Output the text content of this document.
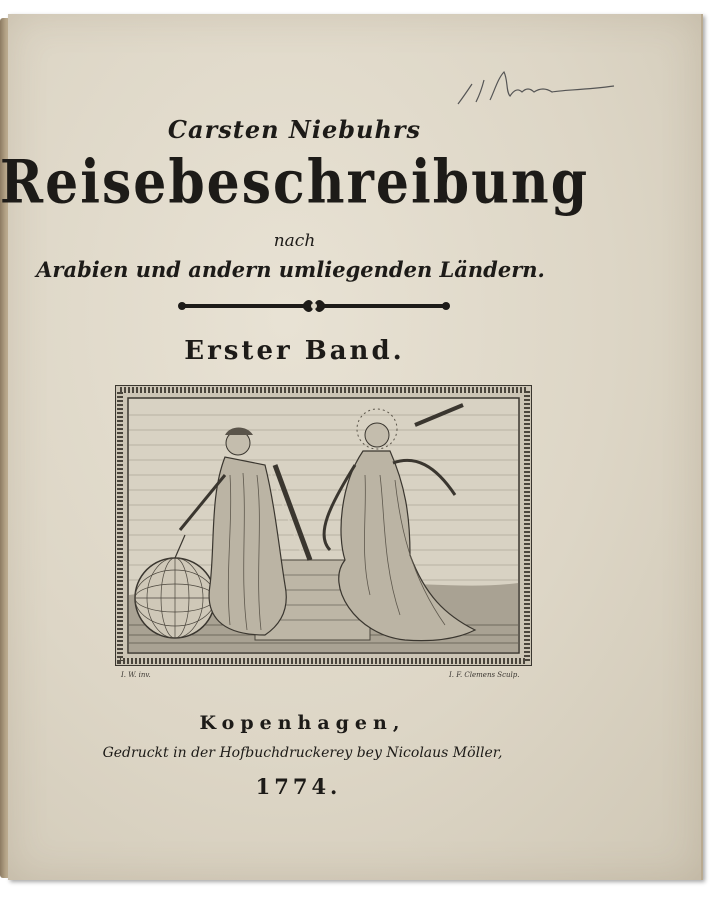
Carsten Niebuhrs
Reisebeschreibung
nach
Arabien und andern umliegenden Ländern.
Erster Band.
I. W. inv.	I. F. Clemens Sculp.
Kopenhagen,
Gedruckt in der Hofbuchdruckerey bey Nicolaus Möller,
1774.
